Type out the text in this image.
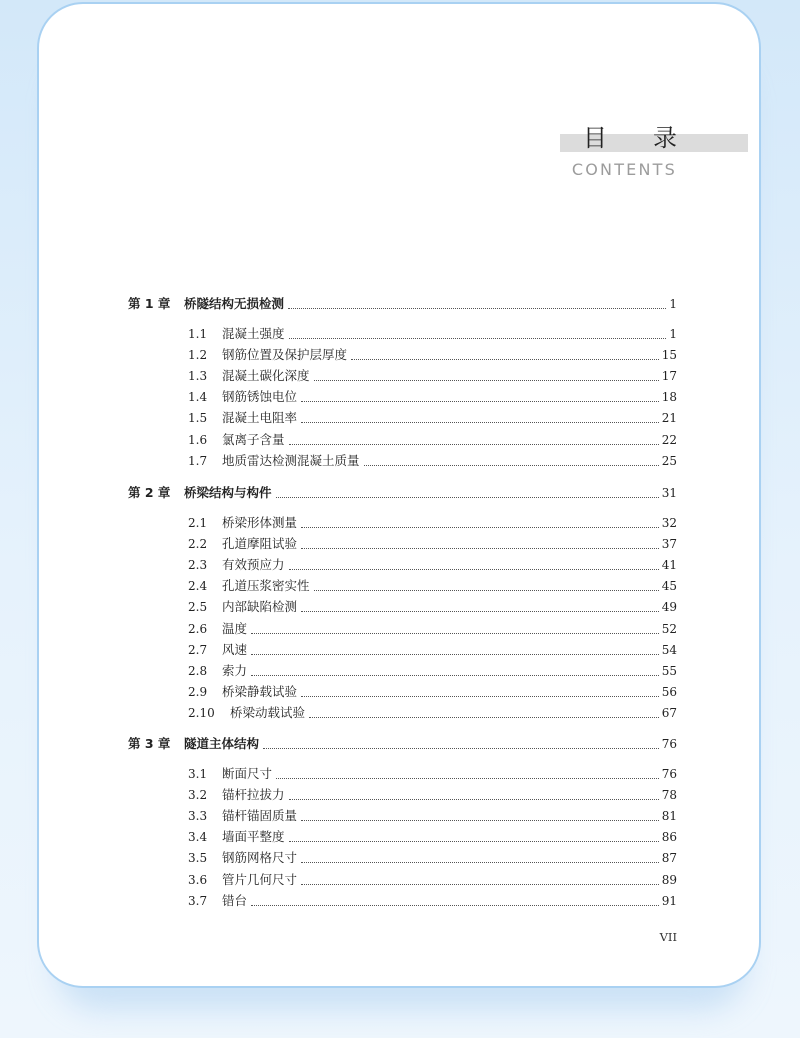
目 录
CONTENTS
第 1 章	桥隧结构无损检测	1
1.1	混凝土强度	1
1.2	钢筋位置及保护层厚度	15
1.3	混凝土碳化深度	17
1.4	钢筋锈蚀电位	18
1.5	混凝土电阻率	21
1.6	氯离子含量	22
1.7	地质雷达检测混凝土质量	25
第 2 章	桥梁结构与构件	31
2.1	桥梁形体测量	32
2.2	孔道摩阻试验	37
2.3	有效预应力	41
2.4	孔道压浆密实性	45
2.5	内部缺陷检测	49
2.6	温度	52
2.7	风速	54
2.8	索力	55
2.9	桥梁静载试验	56
2.10	桥梁动载试验	67
第 3 章	隧道主体结构	76
3.1	断面尺寸	76
3.2	锚杆拉拔力	78
3.3	锚杆锚固质量	81
3.4	墙面平整度	86
3.5	钢筋网格尺寸	87
3.6	管片几何尺寸	89
3.7	错台	91
VII
